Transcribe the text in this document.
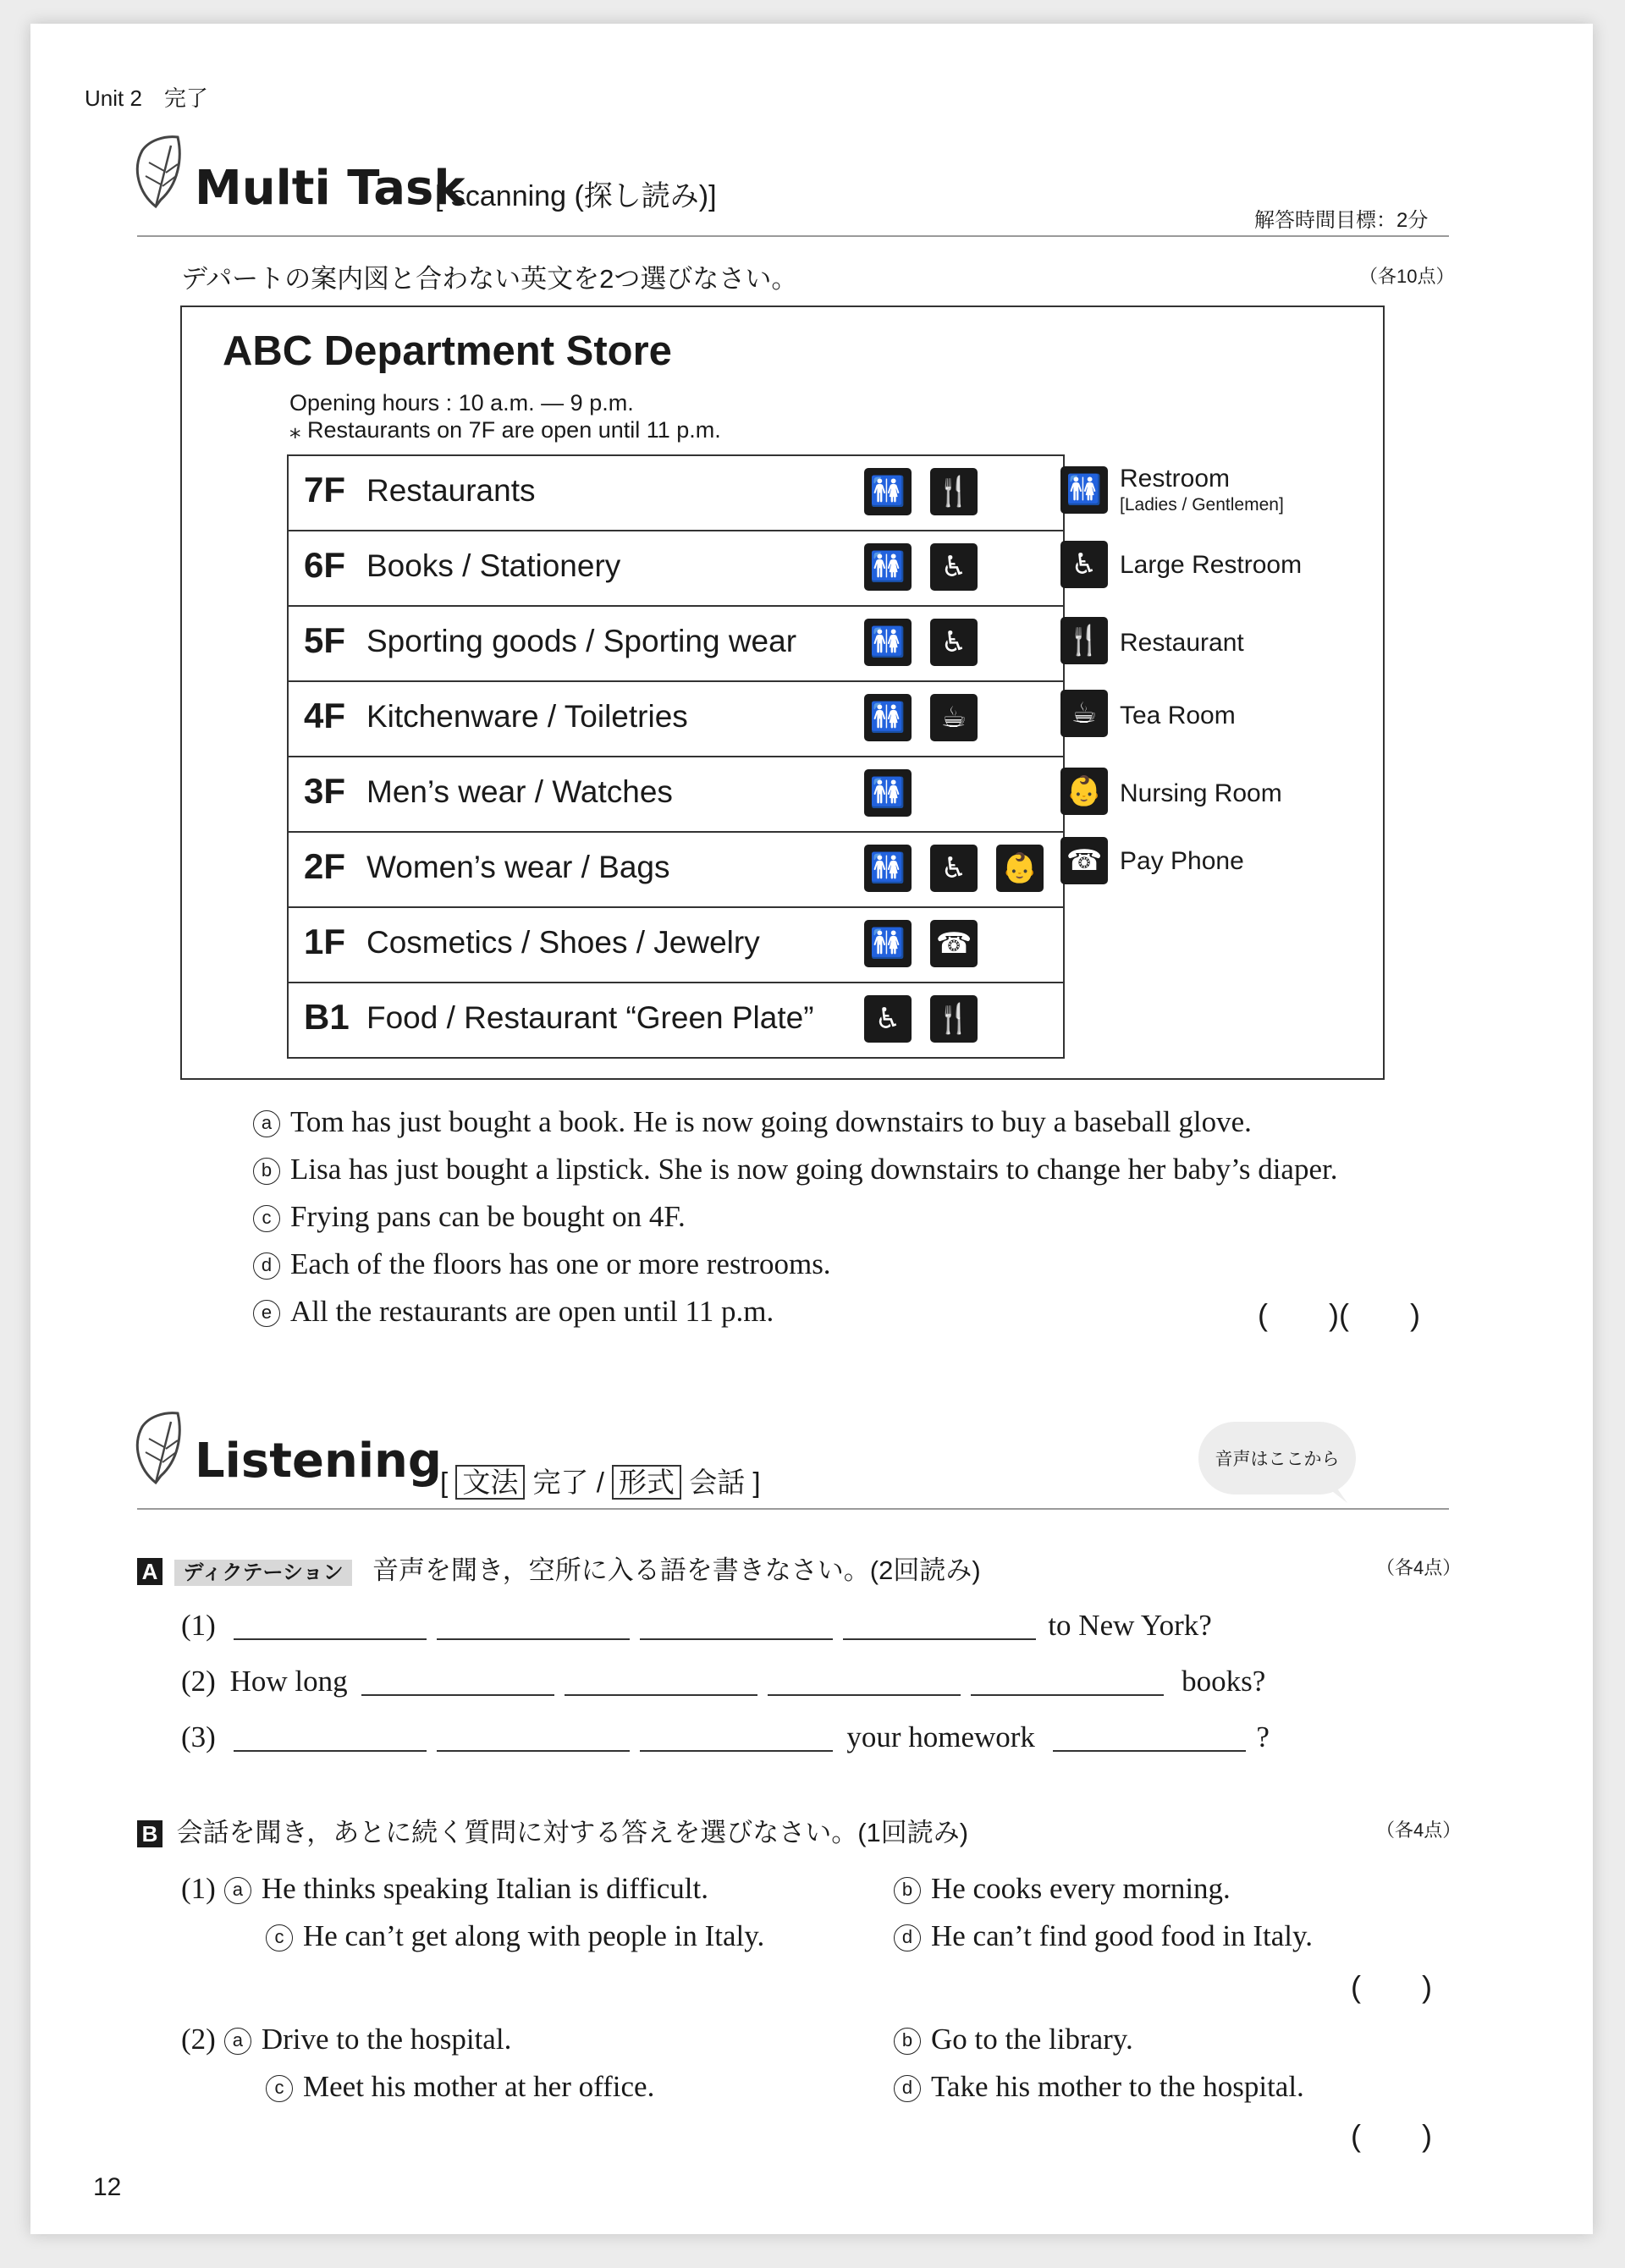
Unit 2　完了
Multi Task
[ scanning (探し読み)]
解答時間目標：2分
デパートの案内図と合わない英文を2つ選びなさい。	（各10点）
ABC Department Store
Opening hours : 10 a.m. — 9 p.m.
⁎ Restaurants on 7F are open until 11 p.m.
7F Restaurants	🚻 🍴
6F Books / Stationery	🚻	♿
5F Sporting goods / Sporting wear	🚻	♿
4F Kitchenware / Toiletries	🚻	☕
3F Men’s wear / Watches	🚻
2F Women’s wear / Bags	🚻	♿	👶
1F Cosmetics / Shoes / Jewelry	🚻 ☎
B1 Food / Restaurant “Green Plate”	♿	🍴
🚻 Restroom
[Ladies / Gentlemen]
♿ Large Restroom
🍴 Restaurant
☕ Tea Room
👶 Nursing Room
☎ Pay Phone
a Tom has just bought a book. He is now going downstairs to buy a baseball glove.
b Lisa has just bought a lipstick. She is now going downstairs to change her baby’s diaper.
c Frying pans can be bought on 4F.
d Each of the floors has one or more restrooms.
e All the restaurants are open until 11 p.m.	(　　)(　　)
Listening
[ 文法 完了 / 形式 会話 ]
音声はここから
A ディクテーション 音声を聞き，空所に入る語を書きなさい。(2回読み)	（各4点）
(1)	to New York?
(2) How long	books?
(3)	your homework	?
B 会話を聞き，あとに続く質問に対する答えを選びなさい。(1回読み)	（各4点）
(1) a He thinks speaking Italian is difficult.	b He cooks every morning.
c He can’t get along with people in Italy.	d He can’t find good food in Italy.
(　　)
(2) a Drive to the hospital.	b Go to the library.
c Meet his mother at her office.	d Take his mother to the hospital.
(　　)
12
